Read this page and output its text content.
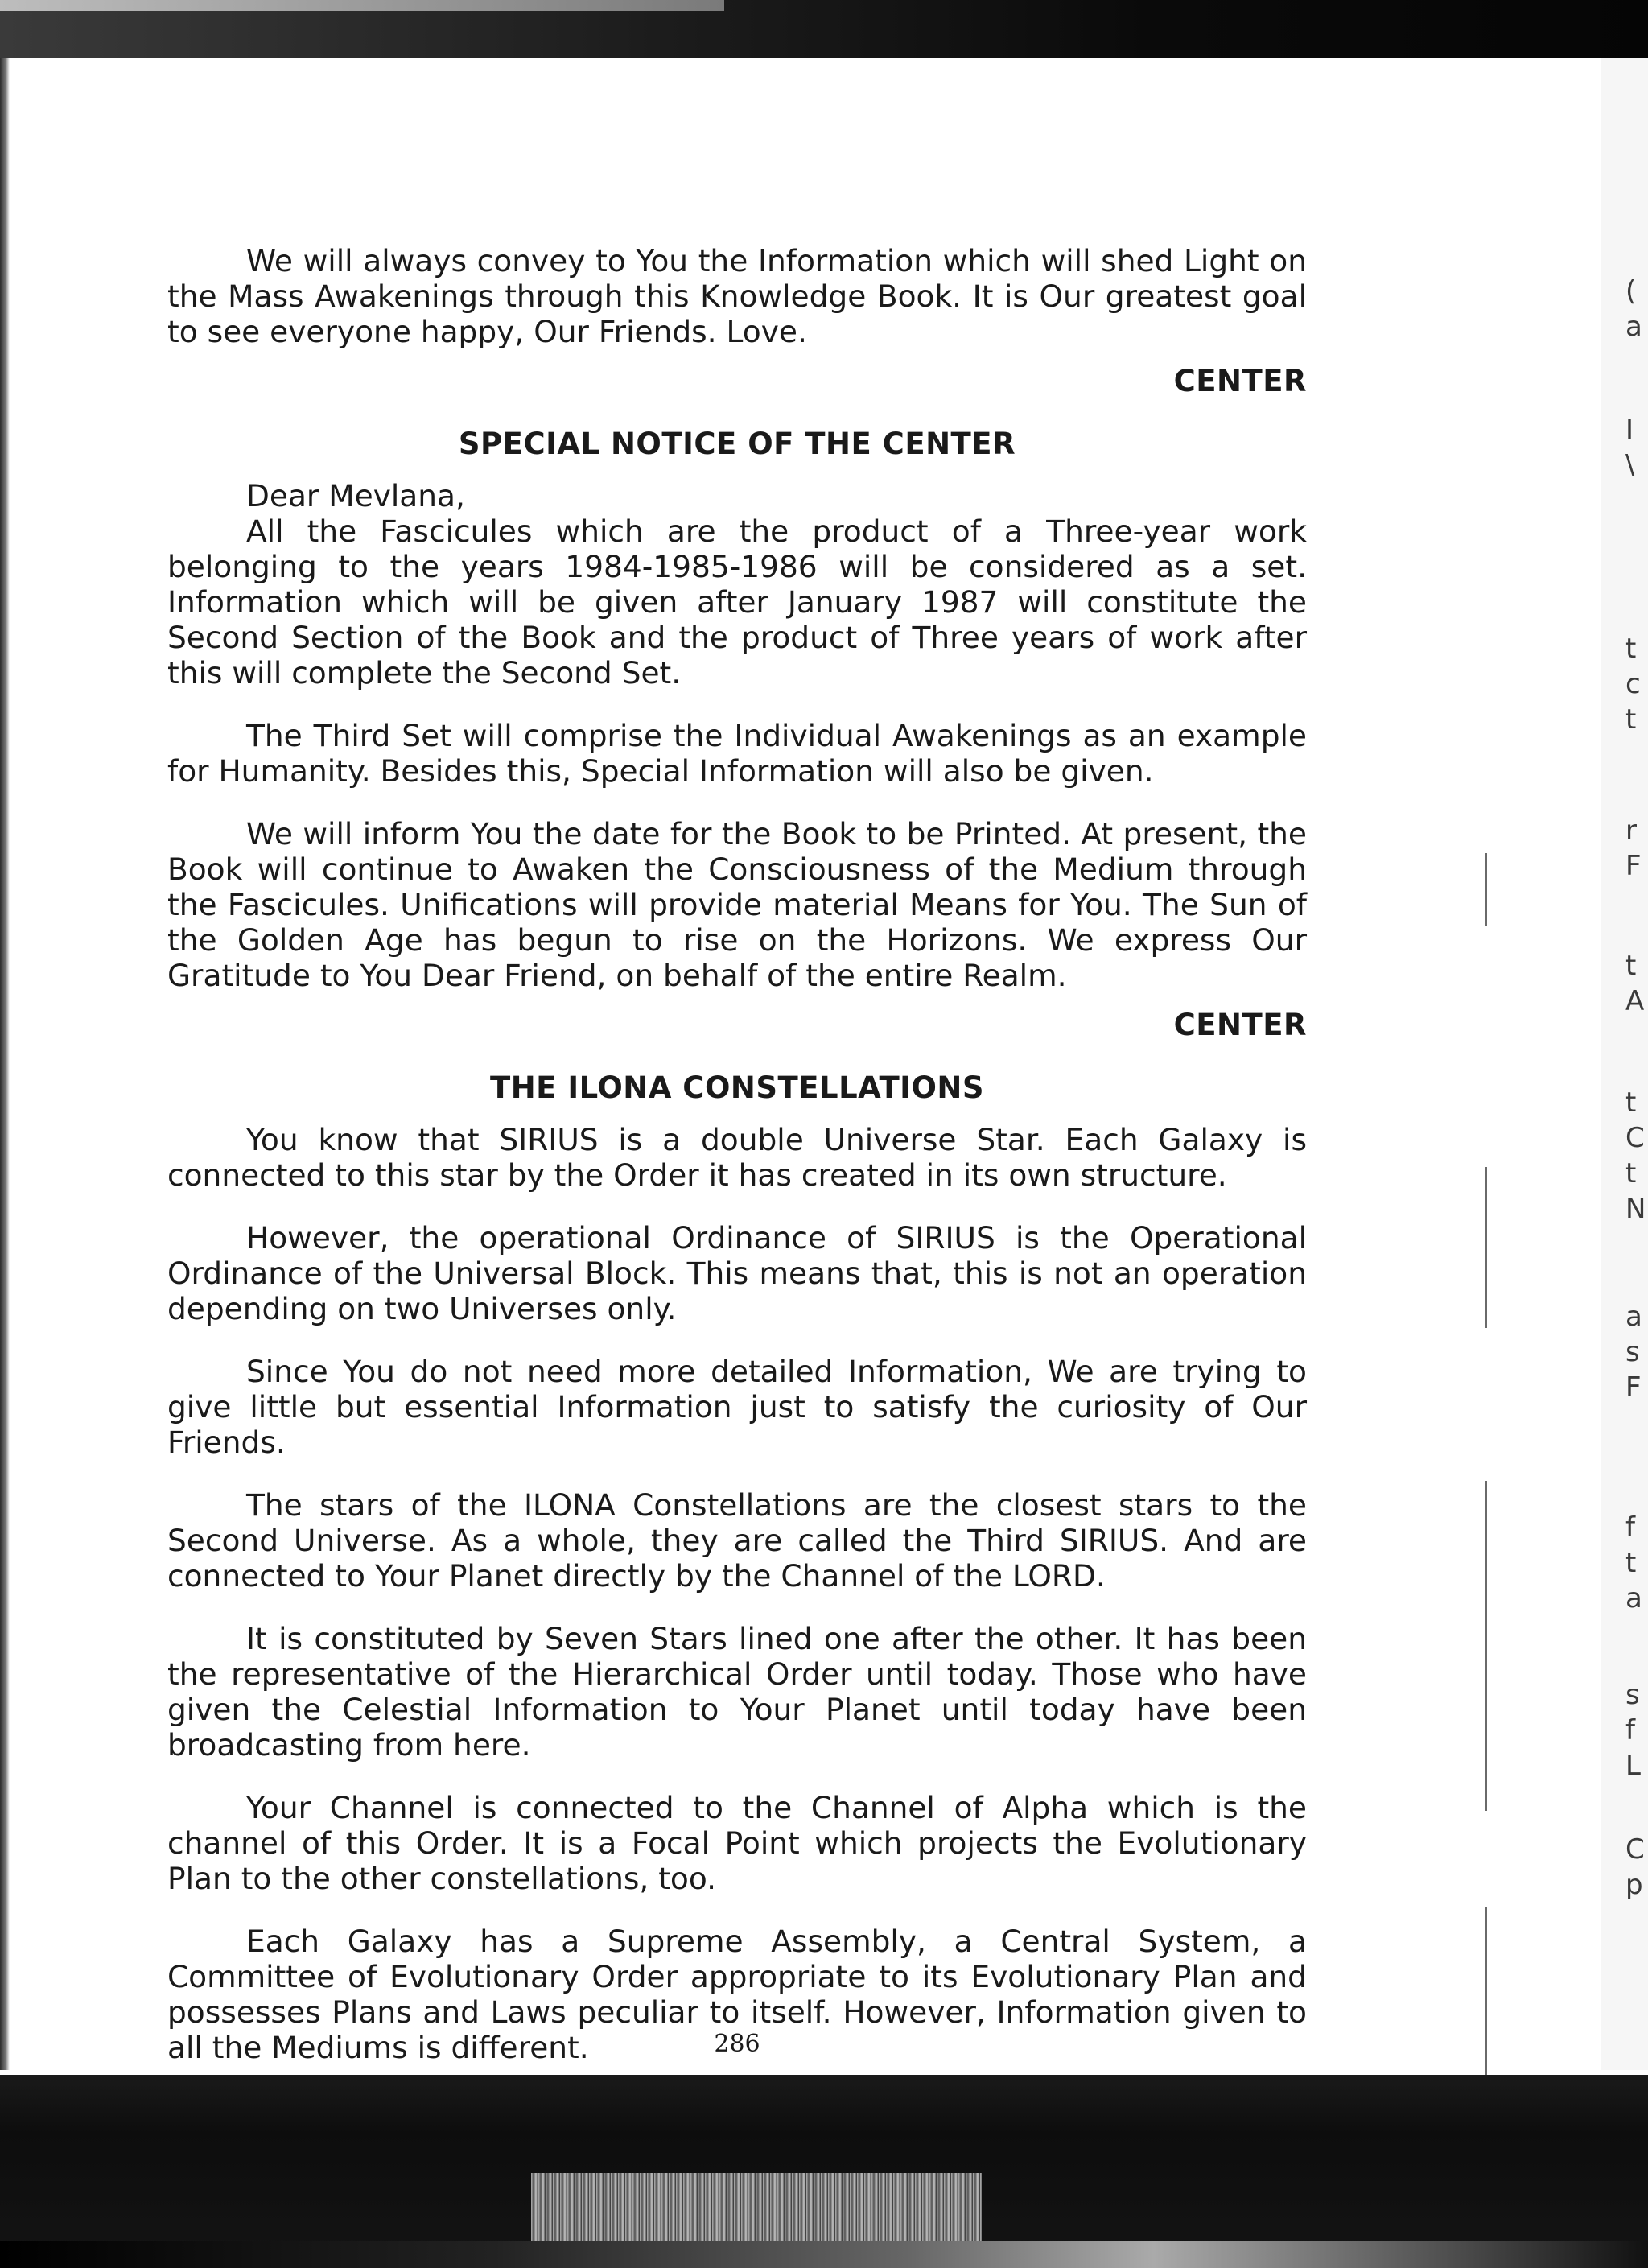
(
a
I
\
t
c
t
r
F
t
A
t
C
t
N
a
s
F
f
t
a
s
f
L
C
p

We will always convey to You the Information which will shed Light on the Mass Awakenings through this Knowledge Book. It is Our greatest goal to see everyone happy, Our Friends. Love.

CENTER
SPECIAL NOTICE OF THE CENTER

Dear Mevlana,

All the Fascicules which are the product of a Three-year work belonging to the years 1984-1985-1986 will be considered as a set. Information which will be given after January 1987 will constitute the Second Section of the Book and the product of Three years of work after this will complete the Second Set.

The Third Set will comprise the Individual Awakenings as an example for Humanity. Besides this, Special Information will also be given.

We will inform You the date for the Book to be Printed. At present, the Book will continue to Awaken the Consciousness of the Medium through the Fascicules. Unifications will provide material Means for You. The Sun of the Golden Age has begun to rise on the Horizons. We express Our Gratitude to You Dear Friend, on behalf of the entire Realm.

CENTER
THE ILONA CONSTELLATIONS

You know that SIRIUS is a double Universe Star. Each Galaxy is connected to this star by the Order it has created in its own structure.

However, the operational Ordinance of SIRIUS is the Operational Ordinance of the Universal Block. This means that, this is not an operation depending on two Universes only.

Since You do not need more detailed Information, We are trying to give little but essential Information just to satisfy the curiosity of Our Friends.

The stars of the ILONA Constellations are the closest stars to the Second Universe. As a whole, they are called the Third SIRIUS. And are connected to Your Planet directly by the Channel of the LORD.

It is constituted by Seven Stars lined one after the other. It has been the representative of the Hierarchical Order until today. Those who have given the Celestial Information to Your Planet until today have been broadcasting from here.

Your Channel is connected to the Channel of Alpha which is the channel of this Order. It is a Focal Point which projects the Evolutionary Plan to the other constellations, too.

Each Galaxy has a Supreme Assembly, a Central System, a Committee of Evolutionary Order appropriate to its Evolutionary Plan and possesses Plans and Laws peculiar to itself. However, Information given to all the Mediums is different.	286
